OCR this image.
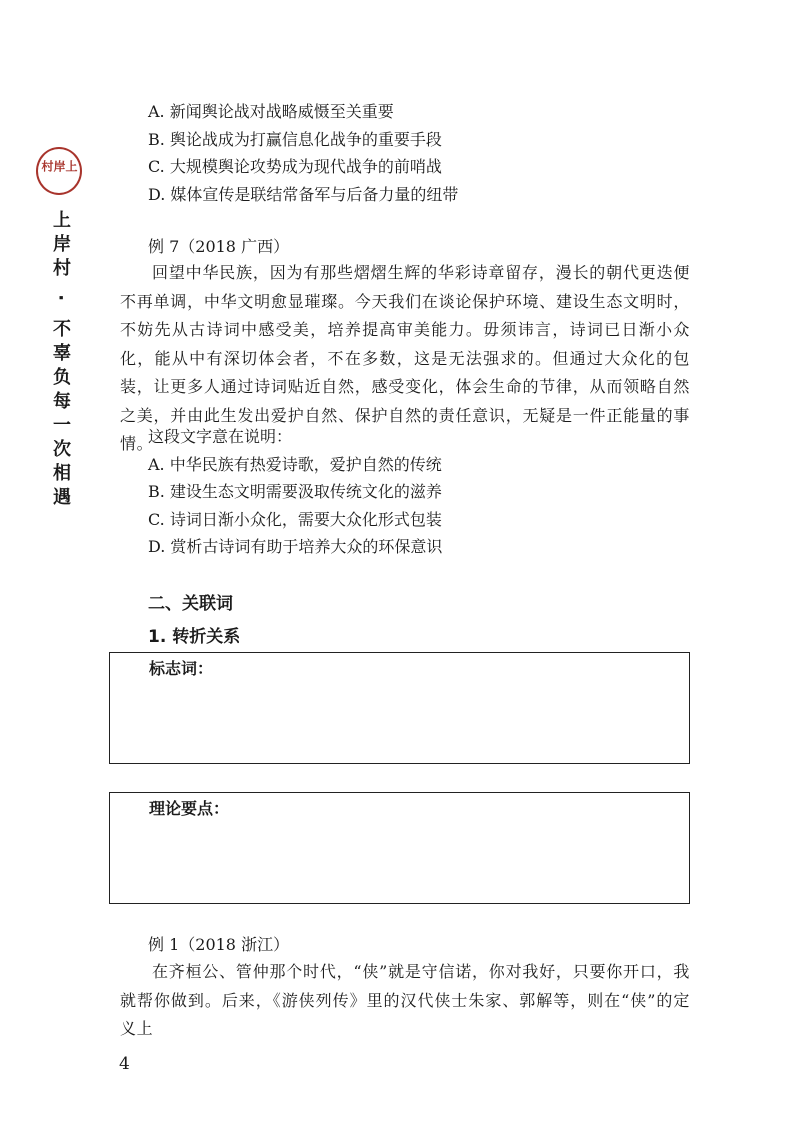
上岸村
上岸村 · 不辜负每一次相遇
A. 新闻舆论战对战略威慑至关重要
B. 舆论战成为打赢信息化战争的重要手段
C. 大规模舆论攻势成为现代战争的前哨战
D. 媒体宣传是联结常备军与后备力量的纽带
例 7（2018 广西）
回望中华民族，因为有那些熠熠生辉的华彩诗章留存，漫长的朝代更迭便不再单调，中华文明愈显璀璨。今天我们在谈论保护环境、建设生态文明时，不妨先从古诗词中感受美，培养提高审美能力。毋须讳言，诗词已日渐小众化，能从中有深切体会者，不在多数，这是无法强求的。但通过大众化的包装，让更多人通过诗词贴近自然，感受变化，体会生命的节律，从而领略自然之美，并由此生发出爱护自然、保护自然的责任意识，无疑是一件正能量的事情。
这段文字意在说明：
A. 中华民族有热爱诗歌，爱护自然的传统
B. 建设生态文明需要汲取传统文化的滋养
C. 诗词日渐小众化，需要大众化形式包装
D. 赏析古诗词有助于培养大众的环保意识
二、关联词
1. 转折关系
标志词：
理论要点：
例 1（2018 浙江）
在齐桓公、管仲那个时代，“侠”就是守信诺，你对我好，只要你开口，我就帮你做到。后来，《游侠列传》里的汉代侠士朱家、郭解等，则在“侠”的定义上
4
